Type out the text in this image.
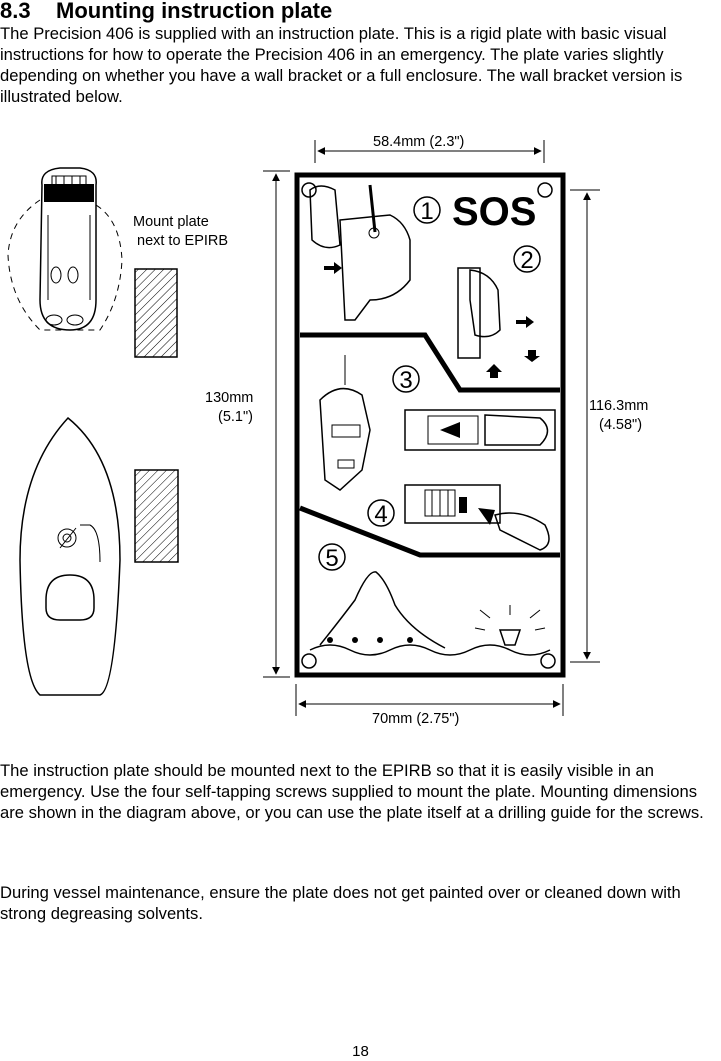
8.3 Mounting instruction plate

The Precision 406 is supplied with an instruction plate. This is a rigid plate with basic visual instructions for how to operate the Precision 406 in an emergency. The plate varies slightly depending on whether you have a wall bracket or a full enclosure. The wall bracket version is illustrated below.

Mount plate
next to EPIRB
58.4mm (2.3")
130mm
(5.1")
116.3mm
(4.58")
70mm (2.75")
SOS
1
2
3
4
5

The instruction plate should be mounted next to the EPIRB so that it is easily visible in an emergency. Use the four self-tapping screws supplied to mount the plate. Mounting dimensions are shown in the diagram above, or you can use the plate itself at a drilling guide for the screws.

During vessel maintenance, ensure the plate does not get painted over or cleaned down with strong degreasing solvents.

18
